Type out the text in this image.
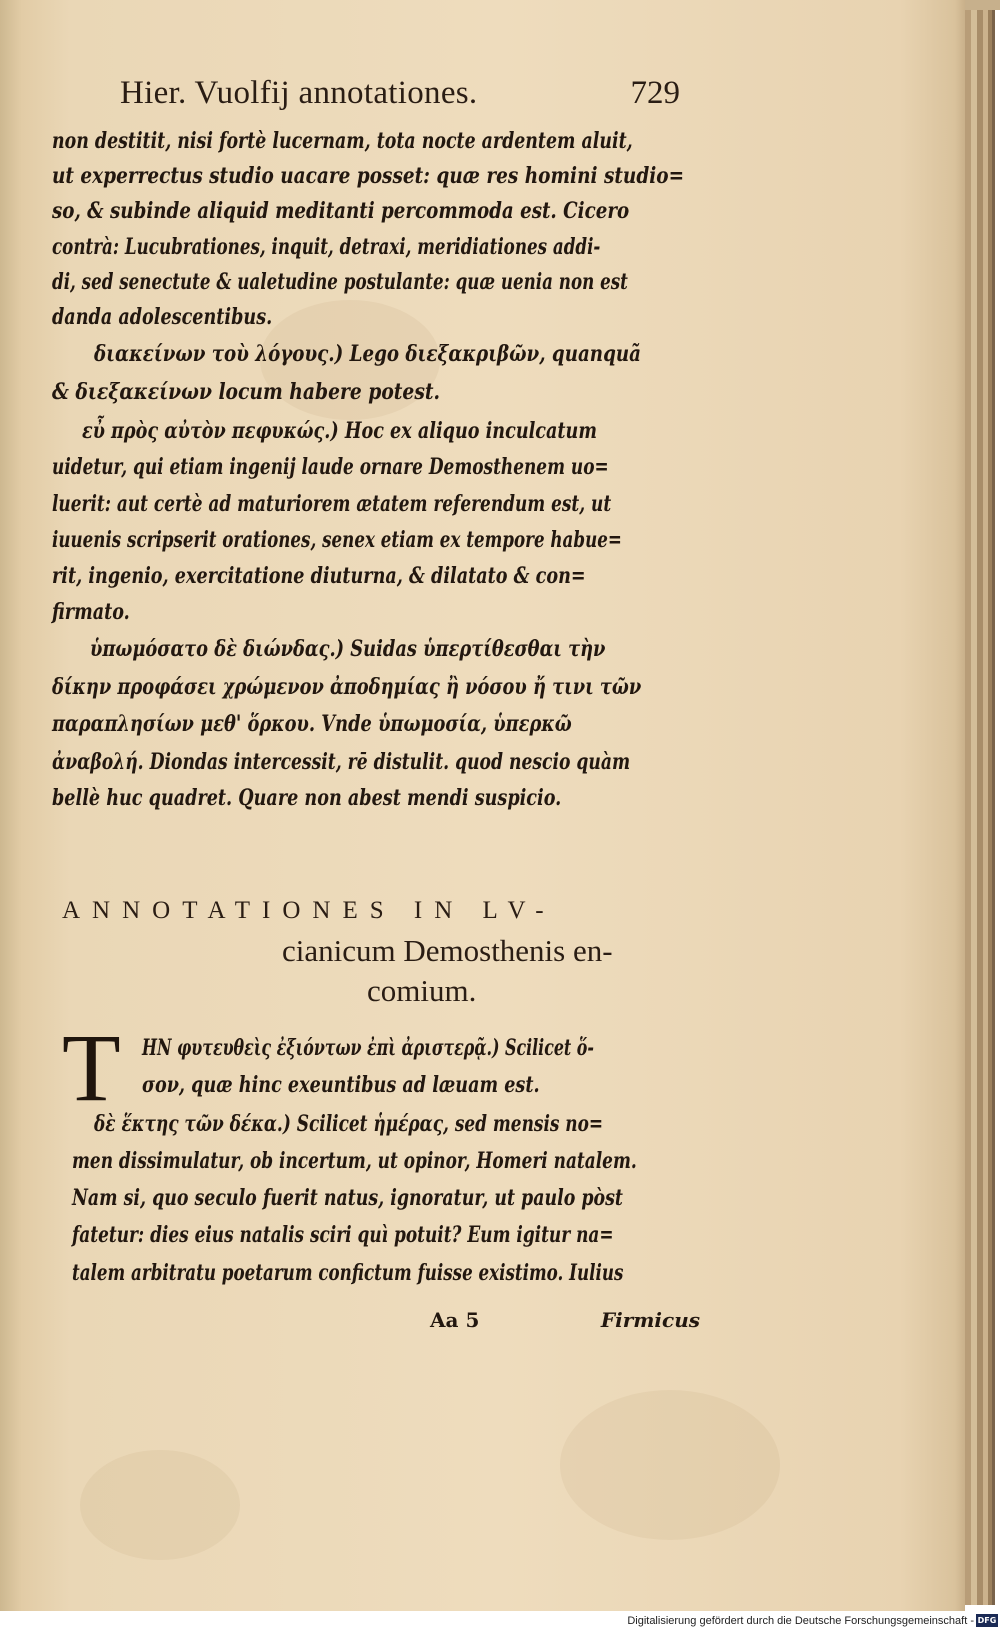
Hier. Vuolfij annotationes.	729
non destitit, nisi fortè lucernam, tota nocte ardentem aluit,
ut experrectus studio uacare posset: quæ res homini studio=
so, & subinde aliquid meditanti percommoda est. Cicero
contrà: Lucubrationes, inquit, detraxi, meridiationes addi-
di, sed senectute & ualetudine postulante: quæ uenia non est
danda adolescentibus.
διακείνων τοὺ λόγους.) Lego διεξακριβῶν, quanquã
& διεξακείνων locum habere potest.
εὖ πρὸς αὐτὸν πεφυκώς.) Hoc ex aliquo inculcatum
uidetur, qui etiam ingenij laude ornare Demosthenem uo=
luerit: aut certè ad maturiorem ætatem referendum est, ut
iuuenis scripserit orationes, senex etiam ex tempore habue=
rit, ingenio, exercitatione diuturna, & dilatato & con=
firmato.
ὑπωμόσατο δὲ διώνδας.) Suidas ὑπερτίθεσθαι τὴν
δίκην προφάσει χρώμενον ἀποδημίας ἢ νόσου ἤ τινι τῶν
παραπλησίων μεθ' ὅρκου. Vnde ὑπωμοσία, ὑπερκῶ
ἀναβολή. Diondas intercessit, rē distulit. quod nescio quàm
bellè huc quadret. Quare non abest mendi suspicio.
ANNOTATIONES IN LV-
cianicum Demosthenis en-
comium.
T HN φυτευθεὶς ἐξιόντων ἐπὶ ἀριστερᾷ.) Scilicet ὅ-
σον, quæ hinc exeuntibus ad læuam est.
δὲ ἕκτης τῶν δέκα.) Scilicet ἡμέρας, sed mensis no=
men dissimulatur, ob incertum, ut opinor, Homeri natalem.
Nam si, quo seculo fuerit natus, ignoratur, ut paulo pòst
fatetur: dies eius natalis sciri quì potuit? Eum igitur na=
talem arbitratu poetarum confictum fuisse existimo. Iulius
Aa 5	Firmicus
Digitalisierung gefördert durch die Deutsche Forschungsgemeinschaft - DFG
